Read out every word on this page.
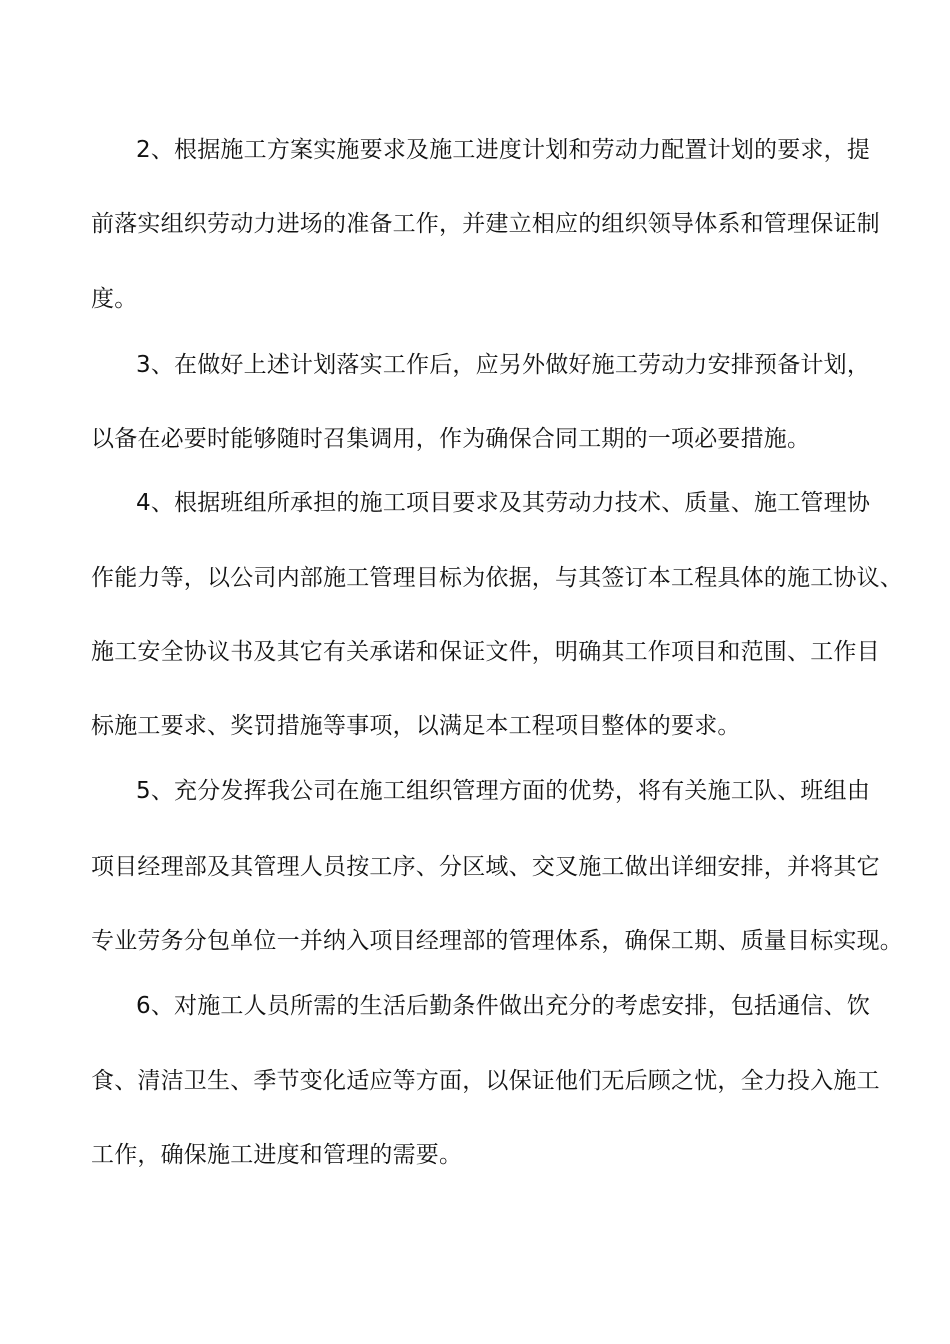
2、根据施工方案实施要求及施工进度计划和劳动力配置计划的要求，提
前落实组织劳动力进场的准备工作，并建立相应的组织领导体系和管理保证制
度。
3、在做好上述计划落实工作后，应另外做好施工劳动力安排预备计划，
以备在必要时能够随时召集调用，作为确保合同工期的一项必要措施。
4、根据班组所承担的施工项目要求及其劳动力技术、质量、施工管理协
作能力等，以公司内部施工管理目标为依据，与其签订本工程具体的施工协议、
施工安全协议书及其它有关承诺和保证文件，明确其工作项目和范围、工作目
标施工要求、奖罚措施等事项，以满足本工程项目整体的要求。
5、充分发挥我公司在施工组织管理方面的优势，将有关施工队、班组由
项目经理部及其管理人员按工序、分区域、交叉施工做出详细安排，并将其它
专业劳务分包单位一并纳入项目经理部的管理体系，确保工期、质量目标实现。
6、对施工人员所需的生活后勤条件做出充分的考虑安排，包括通信、饮
食、清洁卫生、季节变化适应等方面，以保证他们无后顾之忧，全力投入施工
工作，确保施工进度和管理的需要。
